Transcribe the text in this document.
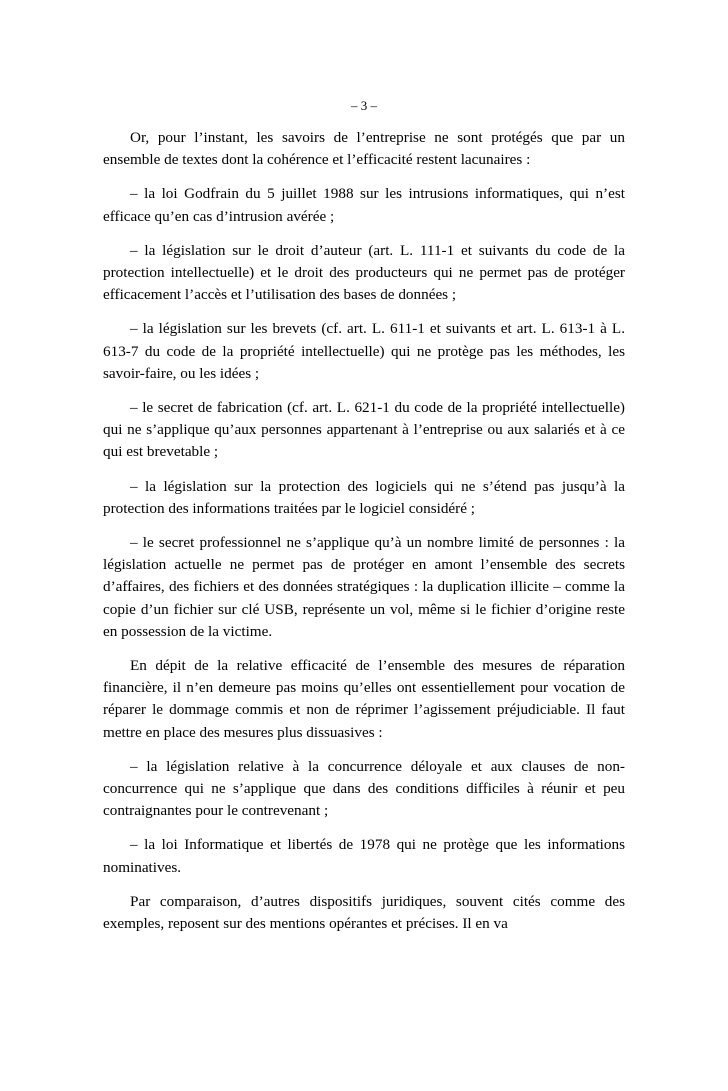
– 3 –

Or, pour l’instant, les savoirs de l’entreprise ne sont protégés que par un ensemble de textes dont la cohérence et l’efficacité restent lacunaires :

– la loi Godfrain du 5 juillet 1988 sur les intrusions informatiques, qui n’est efficace qu’en cas d’intrusion avérée ;

– la législation sur le droit d’auteur (art. L. 111-1 et suivants du code de la protection intellectuelle) et le droit des producteurs qui ne permet pas de protéger efficacement l’accès et l’utilisation des bases de données ;

– la législation sur les brevets (cf. art. L. 611-1 et suivants et art. L. 613-1 à L. 613-7 du code de la propriété intellectuelle) qui ne protège pas les méthodes, les savoir-faire, ou les idées ;

– le secret de fabrication (cf. art. L. 621-1 du code de la propriété intellectuelle) qui ne s’applique qu’aux personnes appartenant à l’entreprise ou aux salariés et à ce qui est brevetable ;

– la législation sur la protection des logiciels qui ne s’étend pas jusqu’à la protection des informations traitées par le logiciel considéré ;

– le secret professionnel ne s’applique qu’à un nombre limité de personnes : la législation actuelle ne permet pas de protéger en amont l’ensemble des secrets d’affaires, des fichiers et des données stratégiques : la duplication illicite – comme la copie d’un fichier sur clé USB, représente un vol, même si le fichier d’origine reste en possession de la victime.

En dépit de la relative efficacité de l’ensemble des mesures de réparation financière, il n’en demeure pas moins qu’elles ont essentiellement pour vocation de réparer le dommage commis et non de réprimer l’agissement préjudiciable. Il faut mettre en place des mesures plus dissuasives :

– la législation relative à la concurrence déloyale et aux clauses de non-concurrence qui ne s’applique que dans des conditions difficiles à réunir et peu contraignantes pour le contrevenant ;

– la loi Informatique et libertés de 1978 qui ne protège que les informations nominatives.

Par comparaison, d’autres dispositifs juridiques, souvent cités comme des exemples, reposent sur des mentions opérantes et précises. Il en va
